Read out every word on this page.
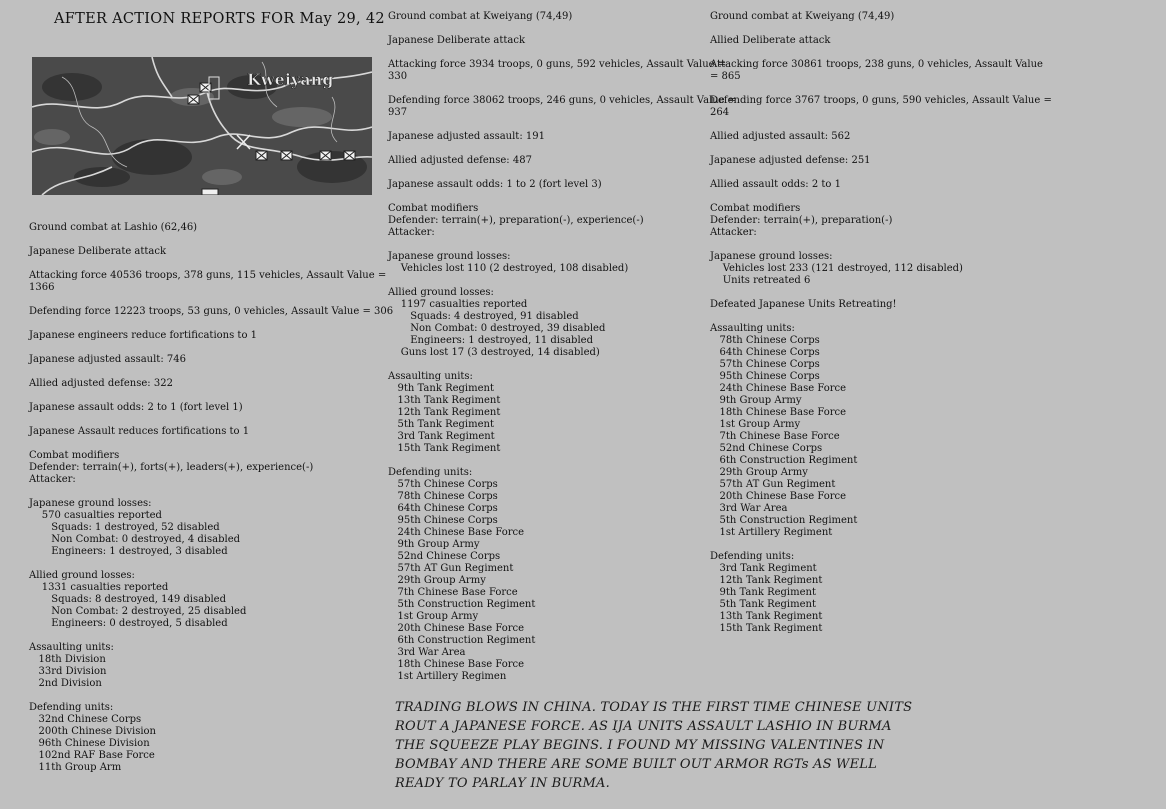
AFTER ACTION REPORTS FOR May 29, 42
Kweiyang
Ground combat at Lashio (62,46)
Japanese Deliberate attack
Attacking force 40536 troops, 378 guns, 115 vehicles, Assault Value =
1366
Defending force 12223 troops, 53 guns, 0 vehicles, Assault Value = 306
Japanese engineers reduce fortifications to 1
Japanese adjusted assault: 746
Allied adjusted defense: 322
Japanese assault odds: 2 to 1 (fort level 1)
Japanese Assault reduces fortifications to 1
Combat modifiers
Defender: terrain(+), forts(+), leaders(+), experience(-)
Attacker:
Japanese ground losses:
570 casualties reported
Squads: 1 destroyed, 52 disabled
Non Combat: 0 destroyed, 4 disabled
Engineers: 1 destroyed, 3 disabled
Allied ground losses:
1331 casualties reported
Squads: 8 destroyed, 149 disabled
Non Combat: 2 destroyed, 25 disabled
Engineers: 0 destroyed, 5 disabled
Assaulting units:
18th Division
33rd Division
2nd Division
Defending units:
32nd Chinese Corps
200th Chinese Division
96th Chinese Division
102nd RAF Base Force
11th Group Arm
Ground combat at Kweiyang (74,49)
Japanese Deliberate attack
Attacking force 3934 troops, 0 guns, 592 vehicles, Assault Value =
330
Defending force 38062 troops, 246 guns, 0 vehicles, Assault Value =
937
Japanese adjusted assault: 191
Allied adjusted defense: 487
Japanese assault odds: 1 to 2 (fort level 3)
Combat modifiers
Defender: terrain(+), preparation(-), experience(-)
Attacker:
Japanese ground losses:
Vehicles lost 110 (2 destroyed, 108 disabled)
Allied ground losses:
1197 casualties reported
Squads: 4 destroyed, 91 disabled
Non Combat: 0 destroyed, 39 disabled
Engineers: 1 destroyed, 11 disabled
Guns lost 17 (3 destroyed, 14 disabled)
Assaulting units:
9th Tank Regiment
13th Tank Regiment
12th Tank Regiment
5th Tank Regiment
3rd Tank Regiment
15th Tank Regiment
Defending units:
57th Chinese Corps
78th Chinese Corps
64th Chinese Corps
95th Chinese Corps
24th Chinese Base Force
9th Group Army
52nd Chinese Corps
57th AT Gun Regiment
29th Group Army
7th Chinese Base Force
5th Construction Regiment
1st Group Army
20th Chinese Base Force
6th Construction Regiment
3rd War Area
18th Chinese Base Force
1st Artillery Regimen
Ground combat at Kweiyang (74,49)
Allied Deliberate attack
Attacking force 30861 troops, 238 guns, 0 vehicles, Assault Value
= 865
Defending force 3767 troops, 0 guns, 590 vehicles, Assault Value =
264
Allied adjusted assault: 562
Japanese adjusted defense: 251
Allied assault odds: 2 to 1
Combat modifiers
Defender: terrain(+), preparation(-)
Attacker:
Japanese ground losses:
Vehicles lost 233 (121 destroyed, 112 disabled)
Units retreated 6
Defeated Japanese Units Retreating!
Assaulting units:
78th Chinese Corps
64th Chinese Corps
57th Chinese Corps
95th Chinese Corps
24th Chinese Base Force
9th Group Army
18th Chinese Base Force
1st Group Army
7th Chinese Base Force
52nd Chinese Corps
6th Construction Regiment
29th Group Army
57th AT Gun Regiment
20th Chinese Base Force
3rd War Area
5th Construction Regiment
1st Artillery Regiment
Defending units:
3rd Tank Regiment
12th Tank Regiment
9th Tank Regiment
5th Tank Regiment
13th Tank Regiment
15th Tank Regiment
TRADING BLOWS IN CHINA. TODAY IS THE FIRST TIME CHINESE UNITS
ROUT A JAPANESE FORCE. AS IJA UNITS ASSAULT LASHIO IN BURMA
THE SQUEEZE PLAY BEGINS. I FOUND MY MISSING VALENTINES IN
BOMBAY AND THERE ARE SOME BUILT OUT ARMOR RGTs AS WELL
READY TO PARLAY IN BURMA.
